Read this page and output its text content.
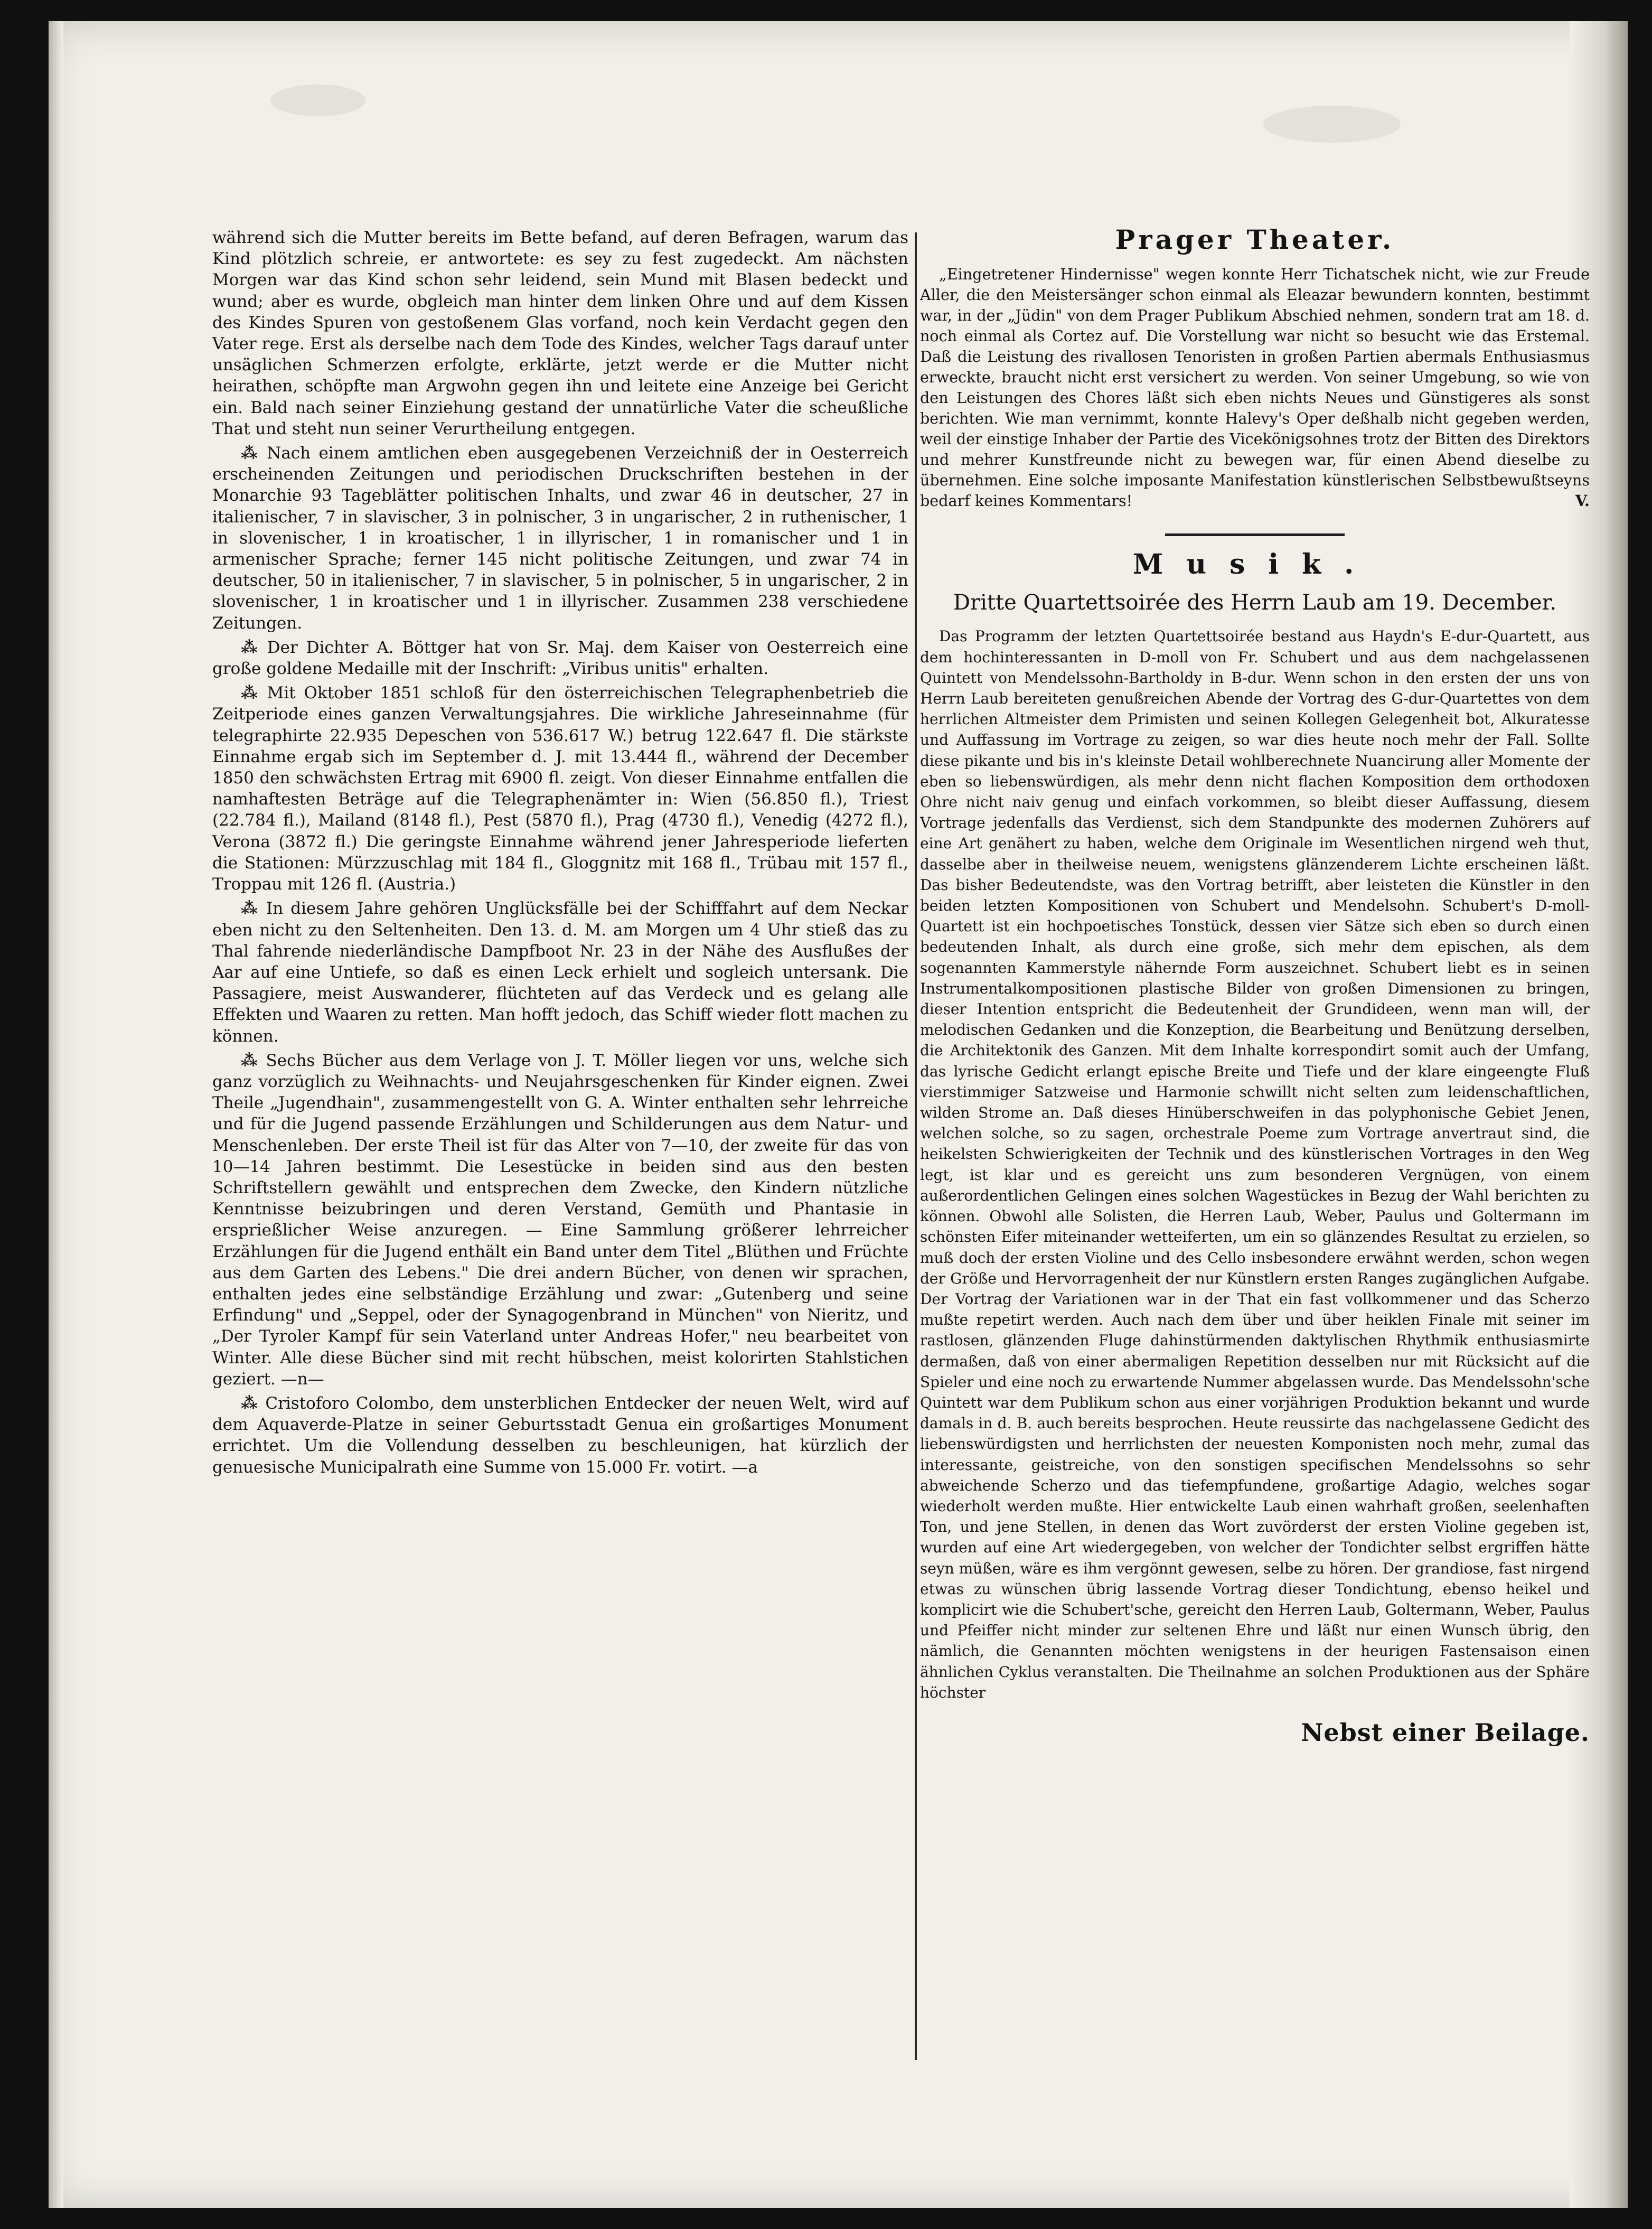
während sich die Mutter bereits im Bette befand, auf deren Befragen, warum das Kind plötzlich schreie, er antwortete: es sey zu fest zugedeckt. Am nächsten Morgen war das Kind schon sehr leidend, sein Mund mit Blasen bedeckt und wund; aber es wurde, obgleich man hinter dem linken Ohre und auf dem Kissen des Kindes Spuren von gestoßenem Glas vorfand, noch kein Verdacht gegen den Vater rege. Erst als derselbe nach dem Tode des Kindes, welcher Tags darauf unter unsäglichen Schmerzen erfolgte, erklärte, jetzt werde er die Mutter nicht heirathen, schöpfte man Argwohn gegen ihn und leitete eine Anzeige bei Gericht ein. Bald nach seiner Einziehung gestand der unnatürliche Vater die scheußliche That und steht nun seiner Verurtheilung entgegen.

⁂ Nach einem amtlichen eben ausgegebenen Verzeichniß der in Oesterreich erscheinenden Zeitungen und periodischen Druckschriften bestehen in der Monarchie 93 Tageblätter politischen Inhalts, und zwar 46 in deutscher, 27 in italienischer, 7 in slavischer, 3 in polnischer, 3 in ungarischer, 2 in ruthenischer, 1 in slovenischer, 1 in kroatischer, 1 in illyrischer, 1 in romanischer und 1 in armenischer Sprache; ferner 145 nicht politische Zeitungen, und zwar 74 in deutscher, 50 in italienischer, 7 in slavischer, 5 in polnischer, 5 in ungarischer, 2 in slovenischer, 1 in kroatischer und 1 in illyrischer. Zusammen 238 verschiedene Zeitungen.

⁂ Der Dichter A. Böttger hat von Sr. Maj. dem Kaiser von Oesterreich eine große goldene Medaille mit der Inschrift: „Viribus unitis" erhalten.

⁂ Mit Oktober 1851 schloß für den österreichischen Telegraphenbetrieb die Zeitperiode eines ganzen Verwaltungsjahres. Die wirkliche Jahreseinnahme (für telegraphirte 22.935 Depeschen von 536.617 W.) betrug 122.647 fl. Die stärkste Einnahme ergab sich im September d. J. mit 13.444 fl., während der December 1850 den schwächsten Ertrag mit 6900 fl. zeigt. Von dieser Einnahme entfallen die namhaftesten Beträge auf die Telegraphenämter in: Wien (56.850 fl.), Triest (22.784 fl.), Mailand (8148 fl.), Pest (5870 fl.), Prag (4730 fl.), Venedig (4272 fl.), Verona (3872 fl.) Die geringste Einnahme während jener Jahresperiode lieferten die Stationen: Mürzzuschlag mit 184 fl., Gloggnitz mit 168 fl., Trübau mit 157 fl., Troppau mit 126 fl. (Austria.)

⁂ In diesem Jahre gehören Unglücksfälle bei der Schifffahrt auf dem Neckar eben nicht zu den Seltenheiten. Den 13. d. M. am Morgen um 4 Uhr stieß das zu Thal fahrende niederländische Dampfboot Nr. 23 in der Nähe des Ausflußes der Aar auf eine Untiefe, so daß es einen Leck erhielt und sogleich untersank. Die Passagiere, meist Auswanderer, flüchteten auf das Verdeck und es gelang alle Effekten und Waaren zu retten. Man hofft jedoch, das Schiff wieder flott machen zu können.

⁂ Sechs Bücher aus dem Verlage von J. T. Möller liegen vor uns, welche sich ganz vorzüglich zu Weihnachts- und Neujahrsgeschenken für Kinder eignen. Zwei Theile „Jugendhain", zusammengestellt von G. A. Winter enthalten sehr lehrreiche und für die Jugend passende Erzählungen und Schilderungen aus dem Natur- und Menschenleben. Der erste Theil ist für das Alter von 7—10, der zweite für das von 10—14 Jahren bestimmt. Die Lesestücke in beiden sind aus den besten Schriftstellern gewählt und entsprechen dem Zwecke, den Kindern nützliche Kenntnisse beizubringen und deren Verstand, Gemüth und Phantasie in ersprießlicher Weise anzuregen. — Eine Sammlung größerer lehrreicher Erzählungen für die Jugend enthält ein Band unter dem Titel „Blüthen und Früchte aus dem Garten des Lebens." Die drei andern Bücher, von denen wir sprachen, enthalten jedes eine selbständige Erzählung und zwar: „Gutenberg und seine Erfindung" und „Seppel, oder der Synagogenbrand in München" von Nieritz, und „Der Tyroler Kampf für sein Vaterland unter Andreas Hofer," neu bearbeitet von Winter. Alle diese Bücher sind mit recht hübschen, meist kolorirten Stahlstichen geziert. —n—

⁂ Cristoforo Colombo, dem unsterblichen Entdecker der neuen Welt, wird auf dem Aquaverde-Platze in seiner Geburtsstadt Genua ein großartiges Monument errichtet. Um die Vollendung desselben zu beschleunigen, hat kürzlich der genuesische Municipalrath eine Summe von 15.000 Fr. votirt. —a

Prager Theater.

„Eingetretener Hindernisse" wegen konnte Herr Tichatschek nicht, wie zur Freude Aller, die den Meistersänger schon einmal als Eleazar bewundern konnten, bestimmt war, in der „Jüdin" von dem Prager Publikum Abschied nehmen, sondern trat am 18. d. noch einmal als Cortez auf. Die Vorstellung war nicht so besucht wie das Erstemal. Daß die Leistung des rivallosen Tenoristen in großen Partien abermals Enthusiasmus erweckte, braucht nicht erst versichert zu werden. Von seiner Umgebung, so wie von den Leistungen des Chores läßt sich eben nichts Neues und Günstigeres als sonst berichten. Wie man vernimmt, konnte Halevy's Oper deßhalb nicht gegeben werden, weil der einstige Inhaber der Partie des Vicekönigsohnes trotz der Bitten des Direktors und mehrer Kunstfreunde nicht zu bewegen war, für einen Abend dieselbe zu übernehmen. Eine solche imposante Manifestation künstlerischen Selbstbewußtseyns bedarf keines Kommentars!	V.

Musik.
Dritte Quartettsoirée des Herrn Laub am 19. December.

Das Programm der letzten Quartettsoirée bestand aus Haydn's E-dur-Quartett, aus dem hochinteressanten in D-moll von Fr. Schubert und aus dem nachgelassenen Quintett von Mendelssohn-Bartholdy in B-dur. Wenn schon in den ersten der uns von Herrn Laub bereiteten genußreichen Abende der Vortrag des G-dur-Quartettes von dem herrlichen Altmeister dem Primisten und seinen Kollegen Gelegenheit bot, Alkuratesse und Auffassung im Vortrage zu zeigen, so war dies heute noch mehr der Fall. Sollte diese pikante und bis in's kleinste Detail wohlberechnete Nuancirung aller Momente der eben so liebenswürdigen, als mehr denn nicht flachen Komposition dem orthodoxen Ohre nicht naiv genug und einfach vorkommen, so bleibt dieser Auffassung, diesem Vortrage jedenfalls das Verdienst, sich dem Standpunkte des modernen Zuhörers auf eine Art genähert zu haben, welche dem Originale im Wesentlichen nirgend weh thut, dasselbe aber in theilweise neuem, wenigstens glänzenderem Lichte erscheinen läßt. Das bisher Bedeutendste, was den Vortrag betrifft, aber leisteten die Künstler in den beiden letzten Kompositionen von Schubert und Mendelsohn. Schubert's D-moll-Quartett ist ein hochpoetisches Tonstück, dessen vier Sätze sich eben so durch einen bedeutenden Inhalt, als durch eine große, sich mehr dem epischen, als dem sogenannten Kammerstyle nähernde Form auszeichnet. Schubert liebt es in seinen Instrumentalkompositionen plastische Bilder von großen Dimensionen zu bringen, dieser Intention entspricht die Bedeutenheit der Grundideen, wenn man will, der melodischen Gedanken und die Konzeption, die Bearbeitung und Benützung derselben, die Architektonik des Ganzen. Mit dem Inhalte korrespondirt somit auch der Umfang, das lyrische Gedicht erlangt epische Breite und Tiefe und der klare eingeengte Fluß vierstimmiger Satzweise und Harmonie schwillt nicht selten zum leidenschaftlichen, wilden Strome an. Daß dieses Hinüberschweifen in das polyphonische Gebiet Jenen, welchen solche, so zu sagen, orchestrale Poeme zum Vortrage anvertraut sind, die heikelsten Schwierigkeiten der Technik und des künstlerischen Vortrages in den Weg legt, ist klar und es gereicht uns zum besonderen Vergnügen, von einem außerordentlichen Gelingen eines solchen Wagestückes in Bezug der Wahl berichten zu können. Obwohl alle Solisten, die Herren Laub, Weber, Paulus und Goltermann im schönsten Eifer miteinander wetteiferten, um ein so glänzendes Resultat zu erzielen, so muß doch der ersten Violine und des Cello insbesondere erwähnt werden, schon wegen der Größe und Hervorragenheit der nur Künstlern ersten Ranges zugänglichen Aufgabe. Der Vortrag der Variationen war in der That ein fast vollkommener und das Scherzo mußte repetirt werden. Auch nach dem über und über heiklen Finale mit seiner im rastlosen, glänzenden Fluge dahinstürmenden daktylischen Rhythmik enthusiasmirte dermaßen, daß von einer abermaligen Repetition desselben nur mit Rücksicht auf die Spieler und eine noch zu erwartende Nummer abgelassen wurde. Das Mendelssohn'sche Quintett war dem Publikum schon aus einer vorjährigen Produktion bekannt und wurde damals in d. B. auch bereits besprochen. Heute reussirte das nachgelassene Gedicht des liebenswürdigsten und herrlichsten der neuesten Komponisten noch mehr, zumal das interessante, geistreiche, von den sonstigen specifischen Mendelssohns so sehr abweichende Scherzo und das tiefempfundene, großartige Adagio, welches sogar wiederholt werden mußte. Hier entwickelte Laub einen wahrhaft großen, seelenhaften Ton, und jene Stellen, in denen das Wort zuvörderst der ersten Violine gegeben ist, wurden auf eine Art wiedergegeben, von welcher der Tondichter selbst ergriffen hätte seyn müßen, wäre es ihm vergönnt gewesen, selbe zu hören. Der grandiose, fast nirgend etwas zu wünschen übrig lassende Vortrag dieser Tondichtung, ebenso heikel und komplicirt wie die Schubert'sche, gereicht den Herren Laub, Goltermann, Weber, Paulus und Pfeiffer nicht minder zur seltenen Ehre und läßt nur einen Wunsch übrig, den nämlich, die Genannten möchten wenigstens in der heurigen Fastensaison einen ähnlichen Cyklus veranstalten. Die Theilnahme an solchen Produktionen aus der Sphäre höchster

Nebst einer Beilage.
